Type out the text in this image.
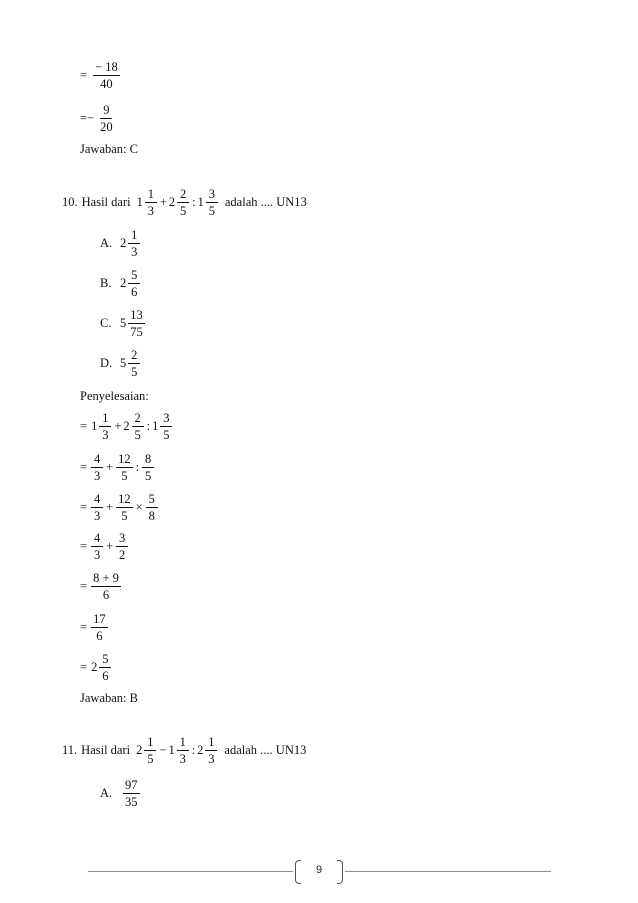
= $\frac{- 18}{40}$
=− $\frac{9}{20}$
Jawaban: C
10. Hasil dari $1 \frac{1}{3} + 2 \frac{2}{5}$ : $1 \frac{3}{5}$ adalah .... UN13
A. $2 \frac{1}{3}$
B. $2 \frac{5}{6}$
C. $5 \frac{13}{75}$
D. $5 \frac{2}{5}$
Penyelesaian:
= $1 \frac{1}{3} + 2 \frac{2}{5}$ : $1 \frac{3}{5}$
= $\frac{4}{3} + \frac{12}{5}$ : $\frac{8}{5}$
= $\frac{4}{3} + \frac{12}{5} \times \frac{5}{8}$
= $\frac{4}{3} + \frac{3}{2}$
= $\frac{8 + 9}{6}$
= $\frac{17}{6}$
= $2 \frac{5}{6}$
Jawaban: B
11. Hasil dari $2 \frac{1}{5} - 1 \frac{1}{3}$ : $2 \frac{1}{3}$ adalah .... UN13
A. $\frac{97}{35}$
9
